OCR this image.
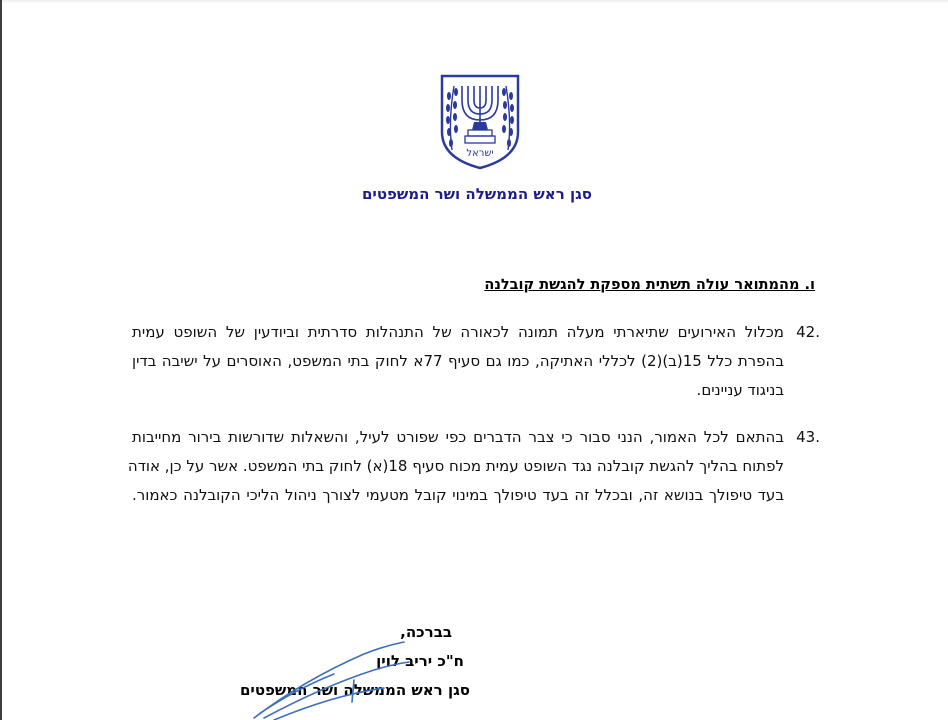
ישראל
סגן ראש הממשלה ושר המשפטים
ו. מהמתואר עולה תשתית מספקת להגשת קובלנה
42.מכלול האירועים שתיארתי מעלה תמונה לכאורה של התנהלות סדרתית וביודעין של השופט עמית
בהפרת כלל 15(ב)(2) לכללי האתיקה, כמו גם סעיף 77א לחוק בתי המשפט, האוסרים על ישיבה בדין
בניגוד עניינים.
43.בהתאם לכל האמור, הנני סבור כי צבר הדברים כפי שפורט לעיל, והשאלות שדורשות בירור מחייבות
לפתוח בהליך להגשת קובלנה נגד השופט עמית מכוח סעיף 18(א) לחוק בתי המשפט. אשר על כן, אודה
בעד טיפולך בנושא זה, ובכלל זה בעד טיפולך במינוי קובל מטעמי לצורך ניהול הליכי הקובלנה כאמור.
בברכה,
ח"כ יריב לוין
סגן ראש הממשלה ושר המשפטים
